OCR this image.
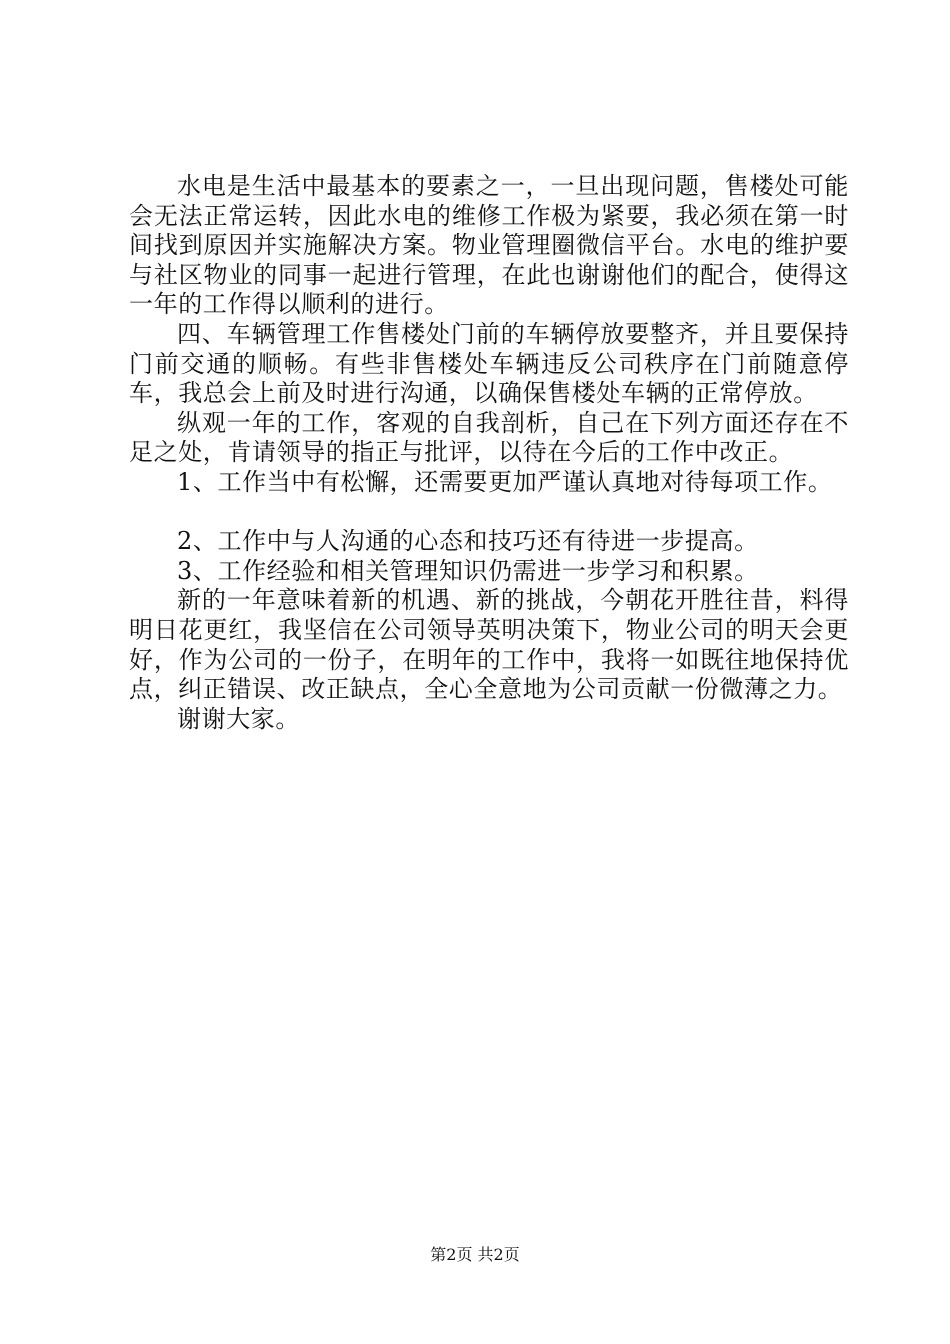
水电是生活中最基本的要素之一，一旦出现问题，售楼处可能会无法正常运转，因此水电的维修工作极为紧要，我必须在第一时间找到原因并实施解决方案。物业管理圈微信平台。水电的维护要与社区物业的同事一起进行管理，在此也谢谢他们的配合，使得这一年的工作得以顺利的进行。

四、车辆管理工作售楼处门前的车辆停放要整齐，并且要保持门前交通的顺畅。有些非售楼处车辆违反公司秩序在门前随意停车，我总会上前及时进行沟通，以确保售楼处车辆的正常停放。

纵观一年的工作，客观的自我剖析，自己在下列方面还存在不足之处，肯请领导的指正与批评，以待在今后的工作中改正。

1、工作当中有松懈，还需要更加严谨认真地对待每项工作。

2、工作中与人沟通的心态和技巧还有待进一步提高。

3、工作经验和相关管理知识仍需进一步学习和积累。

新的一年意味着新的机遇、新的挑战，今朝花开胜往昔，料得明日花更红，我坚信在公司领导英明决策下，物业公司的明天会更好，作为公司的一份子，在明年的工作中，我将一如既往地保持优点，纠正错误、改正缺点，全心全意地为公司贡献一份微薄之力。

谢谢大家。

第2页 共2页
